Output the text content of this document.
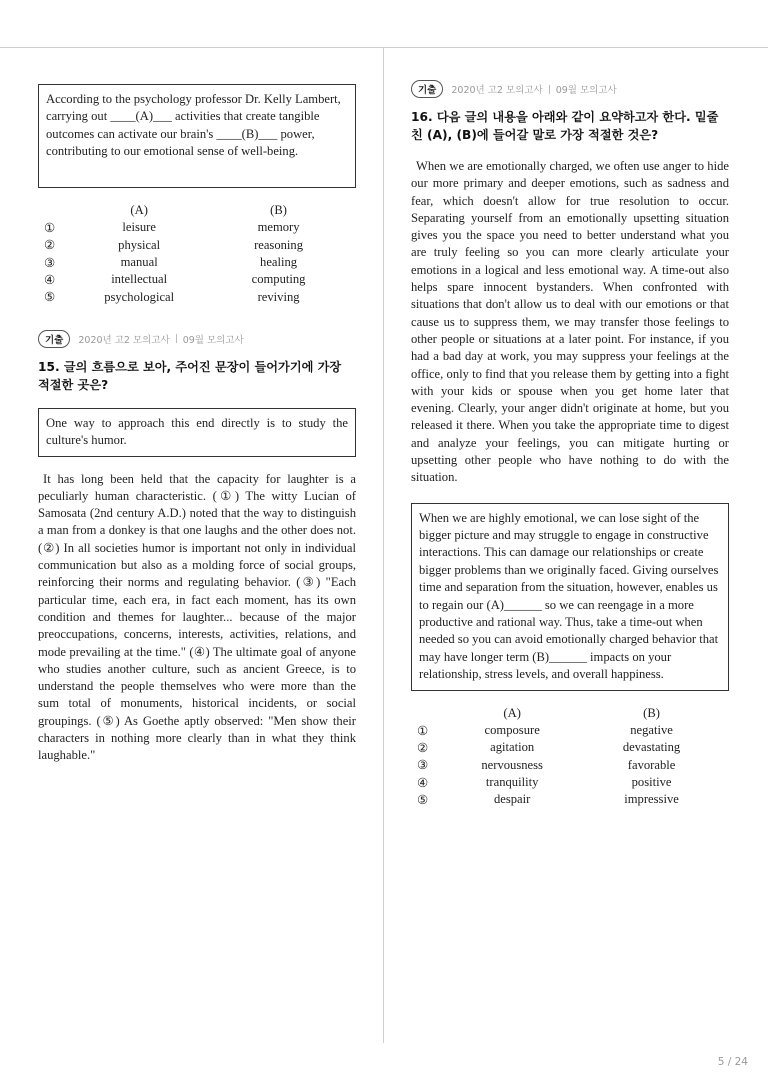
According to the psychology professor Dr. Kelly Lambert, carrying out ____(A)___ activities that create tangible outcomes can activate our brain's ____(B)___ power, contributing to our emotional sense of well-being.
	(A)	(B)
①	leisure	memory
②	physical	reasoning
③	manual	healing
④	intellectual	computing
⑤	psychological	reviving
기출	2020년 고2 모의고사 09월 모의고사
15. 글의 흐름으로 보아, 주어진 문장이 들어가기에 가장 적절한 곳은?
One way to approach this end directly is to study the culture's humor.

It has long been held that the capacity for laughter is a peculiarly human characteristic. (①) The witty Lucian of Samosata (2nd century A.D.) noted that the way to distinguish a man from a donkey is that one laughs and the other does not. (②) In all societies humor is important not only in individual communication but also as a molding force of social groups, reinforcing their norms and regulating behavior. (③) "Each particular time, each era, in fact each moment, has its own condition and themes for laughter... because of the major preoccupations, concerns, interests, activities, relations, and mode prevailing at the time." (④) The ultimate goal of anyone who studies another culture, such as ancient Greece, is to understand the people themselves who were more than the sum total of monuments, historical incidents, or social groupings. (⑤) As Goethe aptly observed: "Men show their characters in nothing more clearly than in what they think laughable."

기출	2020년 고2 모의고사 09월 모의고사
16. 다음 글의 내용을 아래와 같이 요약하고자 한다. 밑줄 친 (A), (B)에 들어갈 말로 가장 적절한 것은?

When we are emotionally charged, we often use anger to hide our more primary and deeper emotions, such as sadness and fear, which doesn't allow for true resolution to occur. Separating yourself from an emotionally upsetting situation gives you the space you need to better understand what you are truly feeling so you can more clearly articulate your emotions in a logical and less emotional way. A time-out also helps spare innocent bystanders. When confronted with situations that don't allow us to deal with our emotions or that cause us to suppress them, we may transfer those feelings to other people or situations at a later point. For instance, if you had a bad day at work, you may suppress your feelings at the office, only to find that you release them by getting into a fight with your kids or spouse when you get home later that evening. Clearly, your anger didn't originate at home, but you released it there. When you take the appropriate time to digest and analyze your feelings, you can mitigate hurting or upsetting other people who have nothing to do with the situation.

When we are highly emotional, we can lose sight of the bigger picture and may struggle to engage in constructive interactions. This can damage our relationships or create bigger problems than we originally faced. Giving ourselves time and separation from the situation, however, enables us to regain our (A)______ so we can reengage in a more productive and rational way. Thus, take a time-out when needed so you can avoid emotionally charged behavior that may have longer term (B)______ impacts on your relationship, stress levels, and overall happiness.
	(A)	(B)
①	composure	negative
②	agitation	devastating
③	nervousness	favorable
④	tranquility	positive
⑤	despair	impressive
5 / 24
